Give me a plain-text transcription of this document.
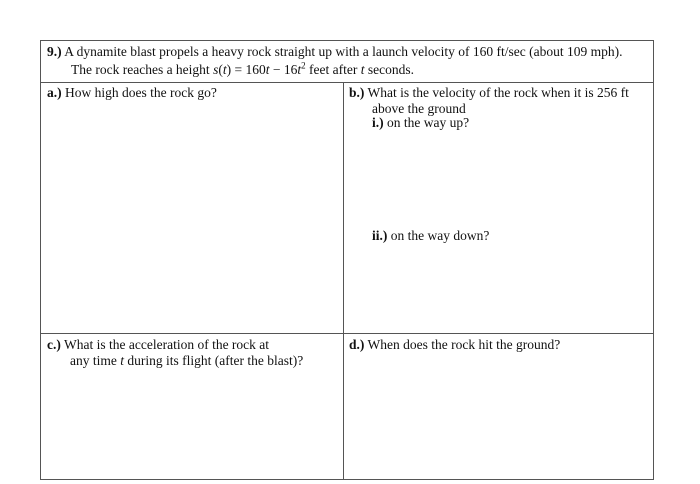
9.) A dynamite blast propels a heavy rock straight up with a launch velocity of 160 ft/sec (about 109 mph).
The rock reaches a height $s(t) = 160t - 16t^2$ feet after t seconds.
a.) How high does the rock go?	b.) What is the velocity of the rock when it is 256 ft
above the ground
i.) on the way up?
ii.) on the way down?
c.) What is the acceleration of the rock at
any time t during its flight (after the blast)?
d.) When does the rock hit the ground?
